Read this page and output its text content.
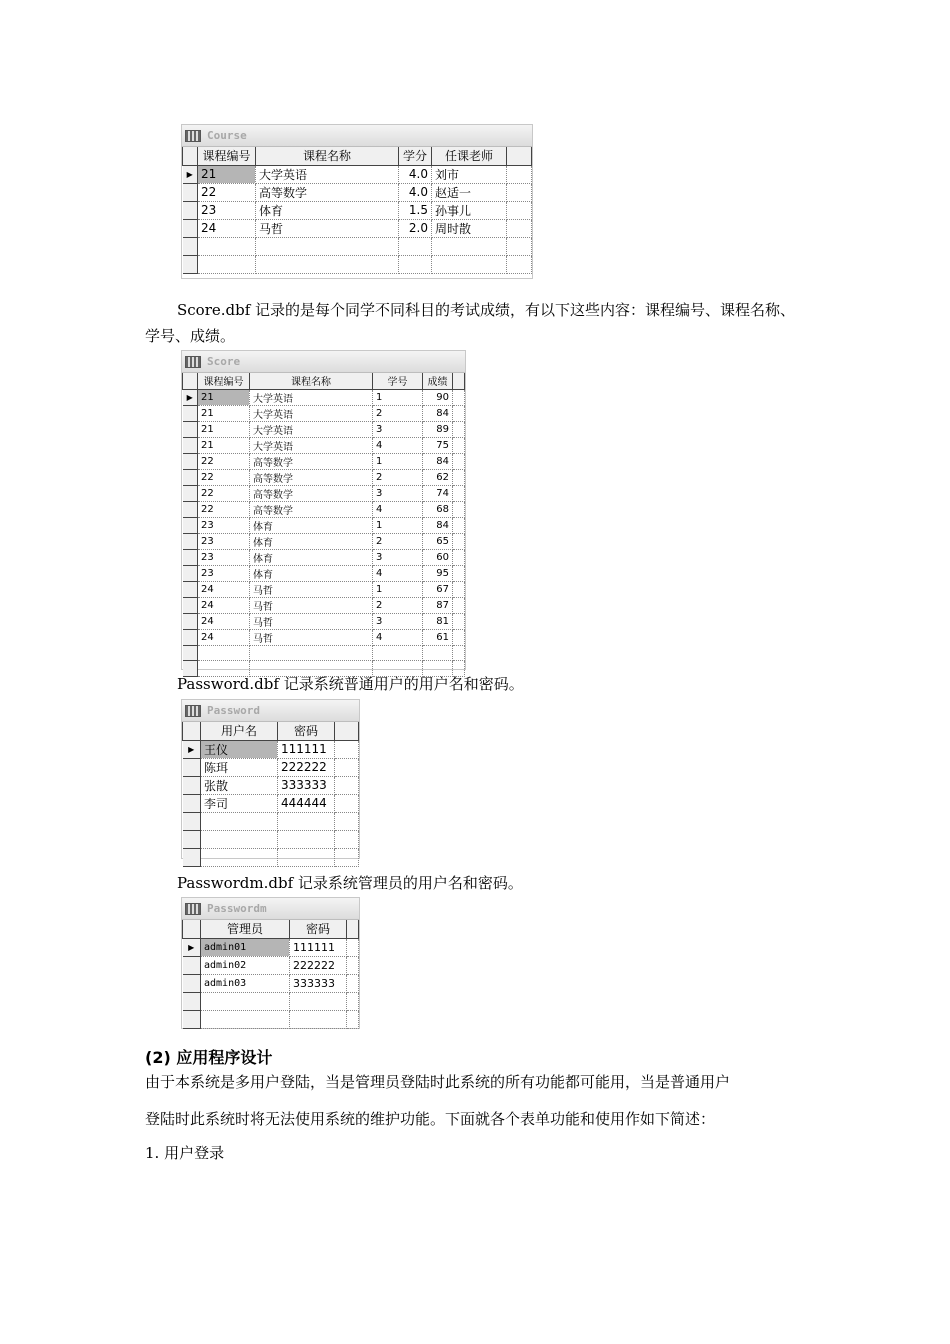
Course
	课程编号	课程名称	学分	任课老师	
▶	21	大学英语	4.0	刘市	
	22	高等数学	4.0	赵适一	
	23	体育	1.5	孙事儿	
	24	马哲	2.0	周时散	

Score.dbf 记录的是每个同学不同科目的考试成绩，有以下这些内容：课程编号、课程名称、学号、成绩。
Score
	课程编号	课程名称	学号	成绩	
▶	21	大学英语	1	90	
	21	大学英语	2	84	
	21	大学英语	3	89	
	21	大学英语	4	75	
	22	高等数学	1	84	
	22	高等数学	2	62	
	22	高等数学	3	74	
	22	高等数学	4	68	
	23	体育	1	84	
	23	体育	2	65	
	23	体育	3	60	
	23	体育	4	95	
	24	马哲	1	67	
	24	马哲	2	87	
	24	马哲	3	81	
	24	马哲	4	61	

Password.dbf 记录系统普通用户的用户名和密码。
Password
	用户名	密码	
▶	王仪	111111	
	陈珥	222222	
	张散	333333	
	李司	444444	

Passwordm.dbf 记录系统管理员的用户名和密码。
Passwordm
	管理员	密码	
▶	admin01	111111	
	admin02	222222	
	admin03	333333	

(2) 应用程序设计
由于本系统是多用户登陆，当是管理员登陆时此系统的所有功能都可能用，当是普通用户
登陆时此系统时将无法使用系统的维护功能。下面就各个表单功能和使用作如下简述：
1. 用户登录
